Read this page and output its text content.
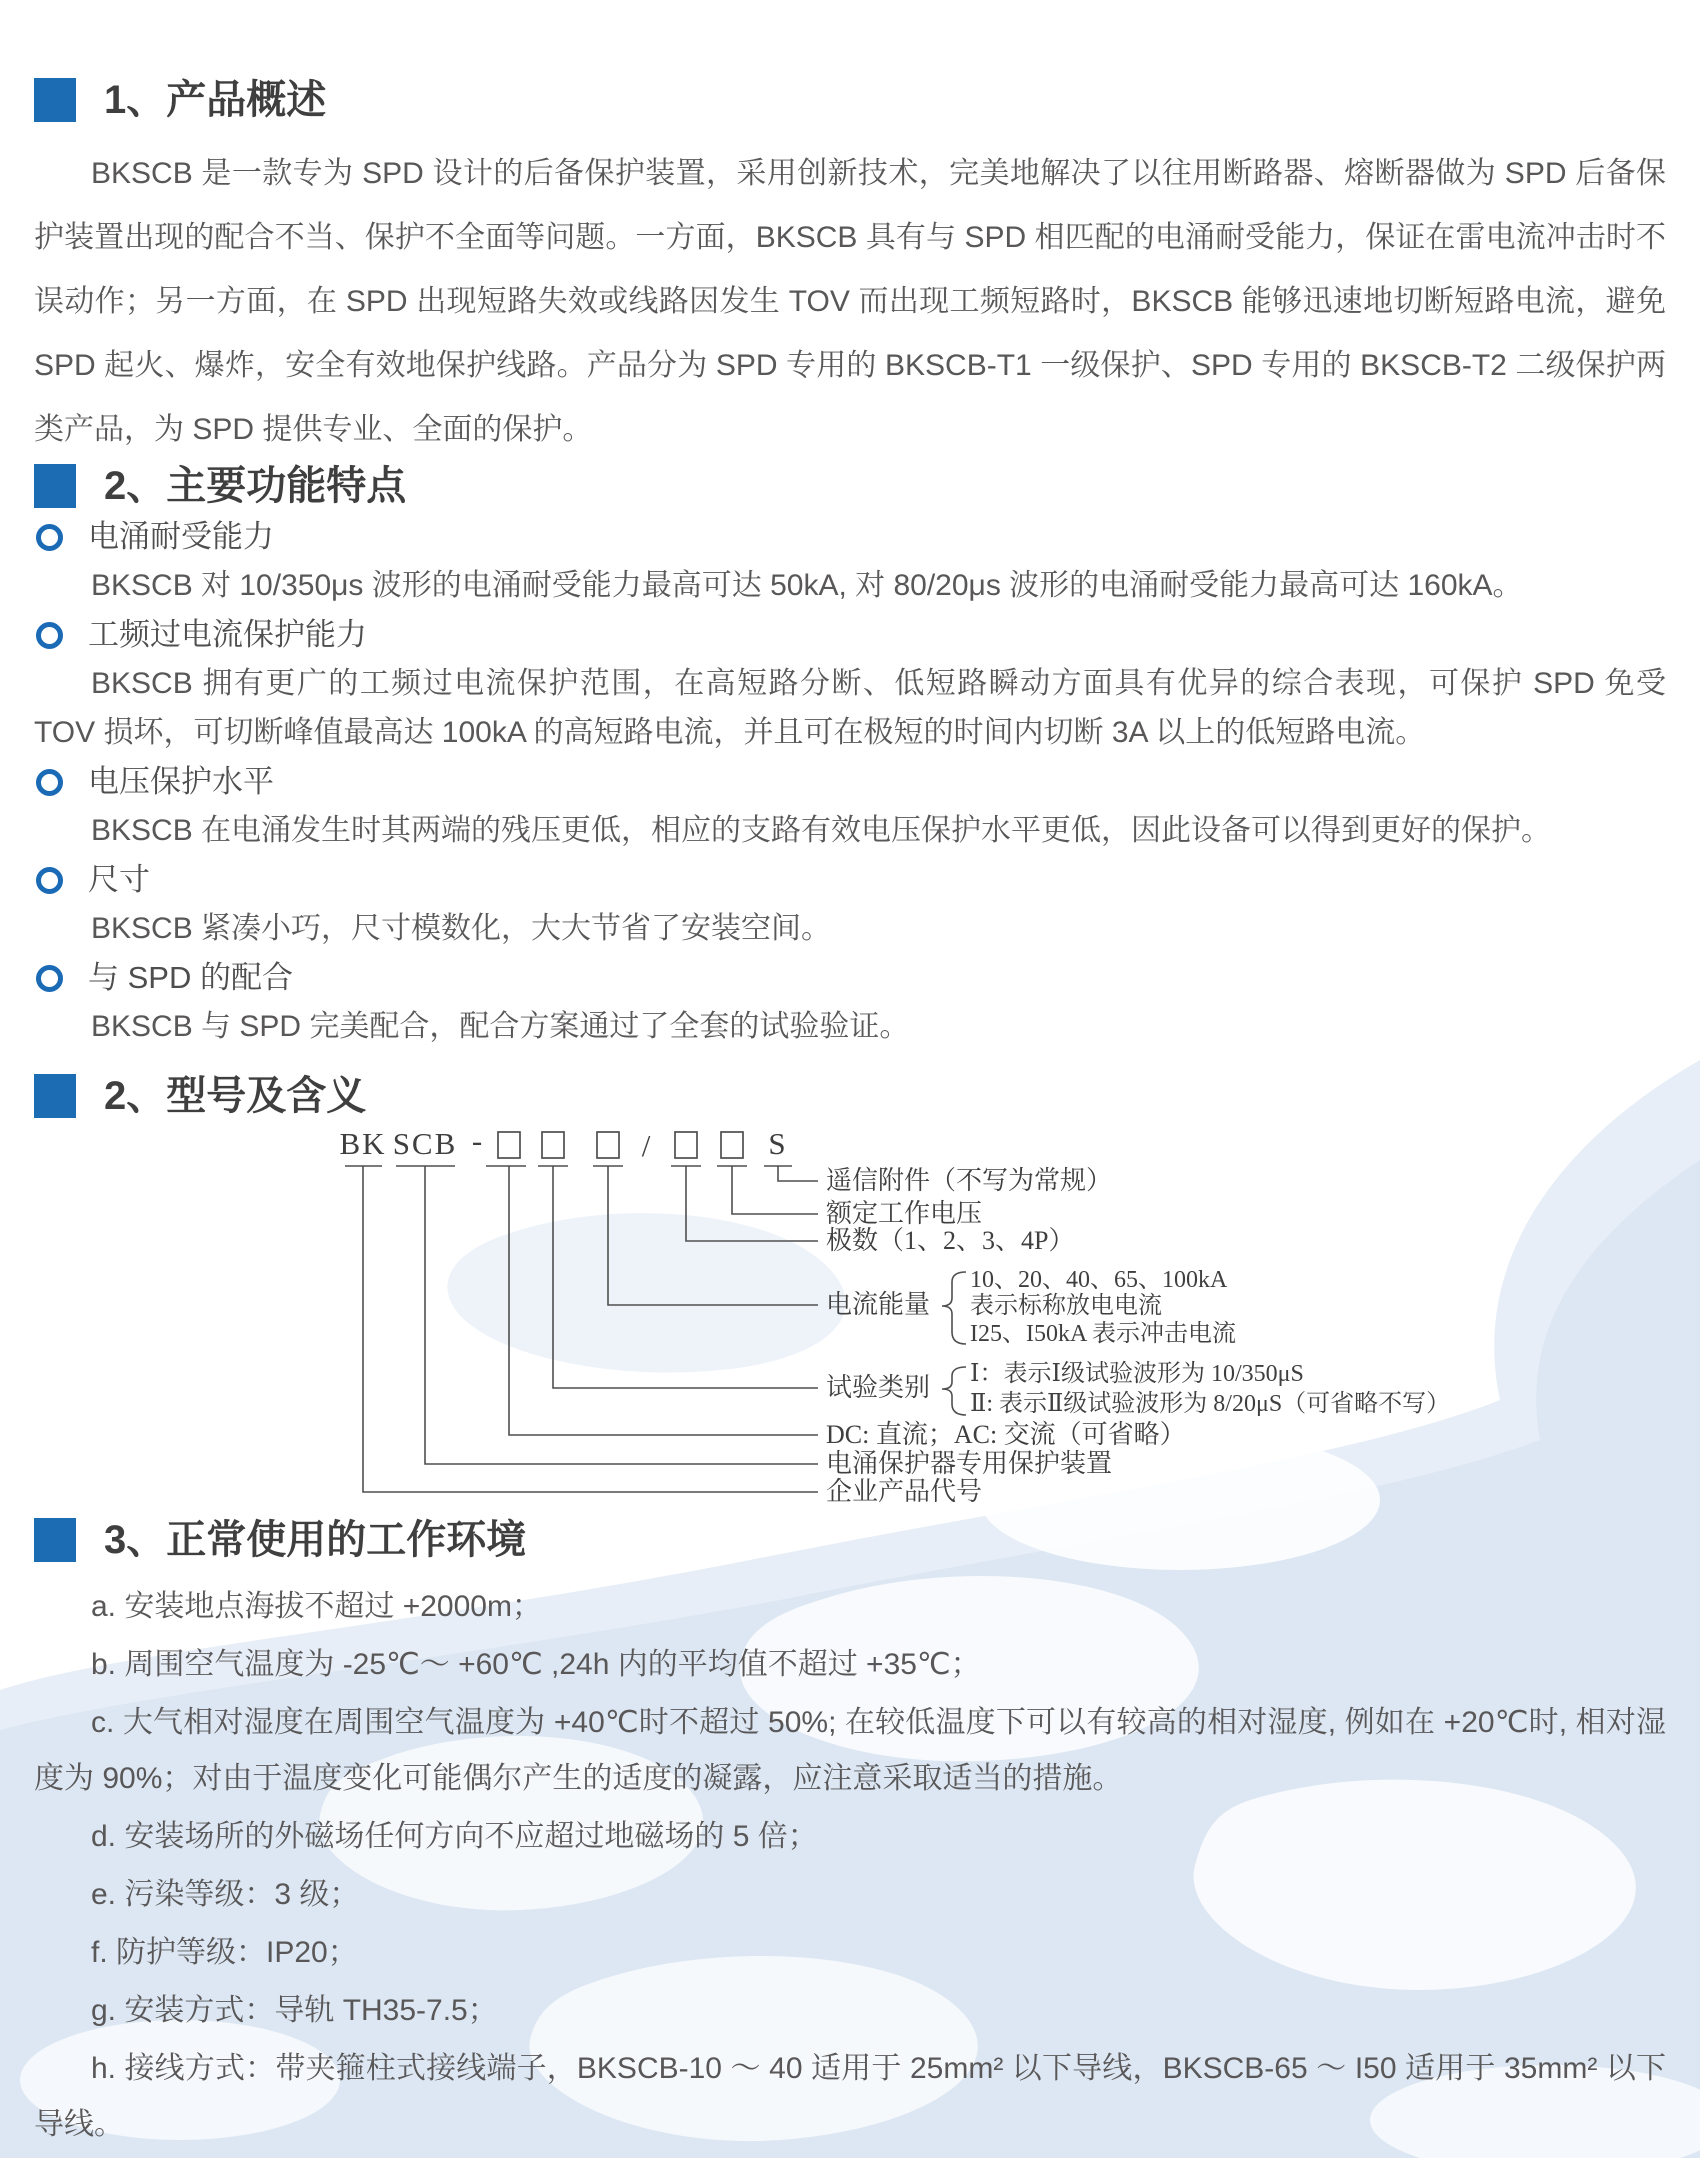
1、产品概述

BKSCB 是一款专为 SPD 设计的后备保护装置，采用创新技术，完美地解决了以往用断路器、熔断器做为 SPD 后备保护装置出现的配合不当、保护不全面等问题。一方面，BKSCB 具有与 SPD 相匹配的电涌耐受能力，保证在雷电流冲击时不误动作；另一方面，在 SPD 出现短路失效或线路因发生 TOV 而出现工频短路时，BKSCB 能够迅速地切断短路电流，避免 SPD 起火、爆炸，安全有效地保护线路。产品分为 SPD 专用的 BKSCB-T1 一级保护、SPD 专用的 BKSCB-T2 二级保护两类产品，为 SPD 提供专业、全面的保护。

2、主要功能特点
电涌耐受能力
BKSCB 对 10/350μs 波形的电涌耐受能力最高可达 50kA, 对 80/20μs 波形的电涌耐受能力最高可达 160kA。
工频过电流保护能力
BKSCB 拥有更广的工频过电流保护范围，在高短路分断、低短路瞬动方面具有优异的综合表现，可保护 SPD 免受 TOV 损坏，可切断峰值最高达 100kA 的高短路电流，并且可在极短的时间内切断 3A 以上的低短路电流。
电压保护水平
BKSCB 在电涌发生时其两端的残压更低，相应的支路有效电压保护水平更低，因此设备可以得到更好的保护。
尺寸
BKSCB 紧凑小巧，尺寸模数化，大大节省了安装空间。
与 SPD 的配合
BKSCB 与 SPD 完美配合，配合方案通过了全套的试验验证。
2、型号及含义
BK SCB -	/	S
遥信附件（不写为常规）
额定工作电压
极数（1、2、3、4P）
电流能量
10、20、40、65、100kA
表示标称放电电流
I25、I50kA 表示冲击电流
试验类别 Ⅰ：表示Ⅰ级试验波形为 10/350μS
Ⅱ: 表示Ⅱ级试验波形为 8/20μS（可省略不写）
DC: 直流；AC: 交流（可省略）
电涌保护器专用保护装置
企业产品代号
3、正常使用的工作环境

a. 安装地点海拔不超过 +2000m；

b. 周围空气温度为 -25℃～ +60℃ ,24h 内的平均值不超过 +35℃；

c. 大气相对湿度在周围空气温度为 +40℃时不超过 50%; 在较低温度下可以有较高的相对湿度, 例如在 +20℃时, 相对湿度为 90%；对由于温度变化可能偶尔产生的适度的凝露，应注意采取适当的措施。

d. 安装场所的外磁场任何方向不应超过地磁场的 5 倍；

e. 污染等级：3 级；

f. 防护等级：IP20；

g. 安装方式：导轨 TH35-7.5；

h. 接线方式：带夹箍柱式接线端子，BKSCB-10 ～ 40 适用于 25mm² 以下导线，BKSCB-65 ～ I50 适用于 35mm² 以下导线。
